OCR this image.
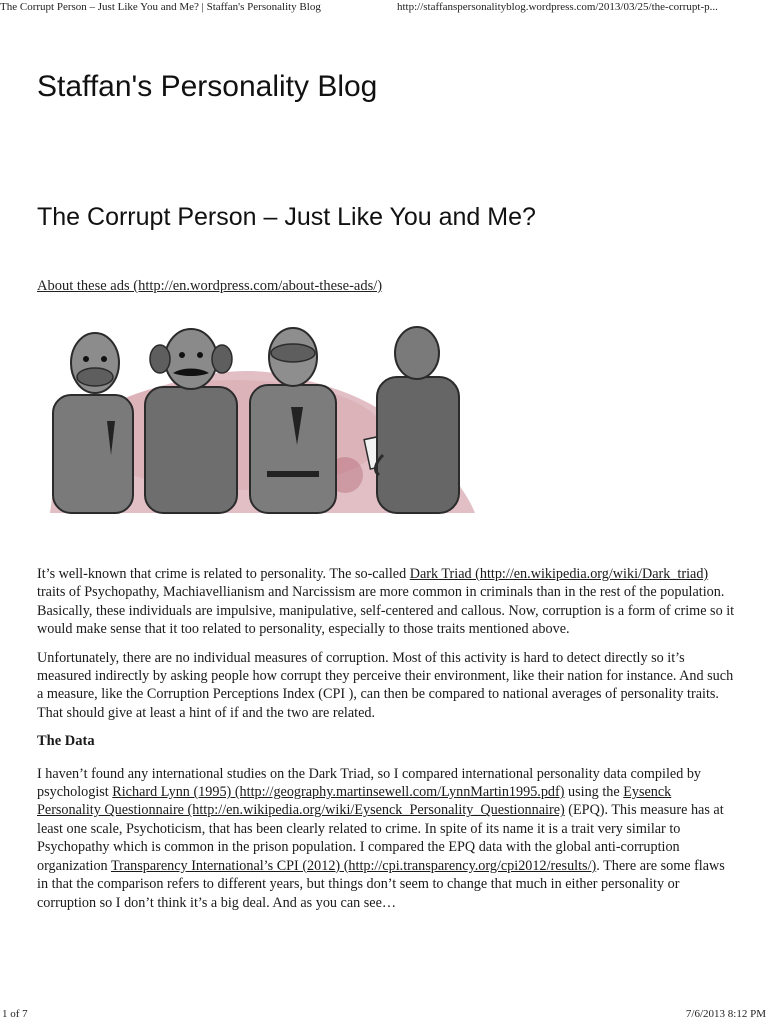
The Corrupt Person – Just Like You and Me? | Staffan's Personality Blog	http://staffanspersonalityblog.wordpress.com/2013/03/25/the-corrupt-p...
Staffan's Personality Blog
The Corrupt Person – Just Like You and Me?
About these ads (http://en.wordpress.com/about-these-ads/)

It’s well-known that crime is related to personality. The so-called Dark Triad (http://en.wikipedia.org/wiki/Dark_triad) traits of Psychopathy, Machiavellianism and Narcissism are more common in criminals than in the rest of the population. Basically, these individuals are impulsive, manipulative, self-centered and callous. Now, corruption is a form of crime so it would make sense that it too related to personality, especially to those traits mentioned above.

Unfortunately, there are no individual measures of corruption. Most of this activity is hard to detect directly so it’s measured indirectly by asking people how corrupt they perceive their environment, like their nation for instance. And such a measure, like the Corruption Perceptions Index (CPI ), can then be compared to national averages of personality traits. That should give at least a hint of if and the two are related.

The Data

I haven’t found any international studies on the Dark Triad, so I compared international personality data compiled by psychologist Richard Lynn (1995) (http://geography.martinsewell.com/LynnMartin1995.pdf) using the Eysenck Personality Questionnaire (http://en.wikipedia.org/wiki/Eysenck_Personality_Questionnaire) (EPQ). This measure has at least one scale, Psychoticism, that has been clearly related to crime. In spite of its name it is a trait very similar to Psychopathy which is common in the prison population. I compared the EPQ data with the global anti-corruption organization Transparency International’s CPI (2012) (http://cpi.transparency.org/cpi2012/results/). There are some flaws in that the comparison refers to different years, but things don’t seem to change that much in either personality or corruption so I don’t think it’s a big deal. And as you can see…

1 of 7	7/6/2013 8:12 PM
